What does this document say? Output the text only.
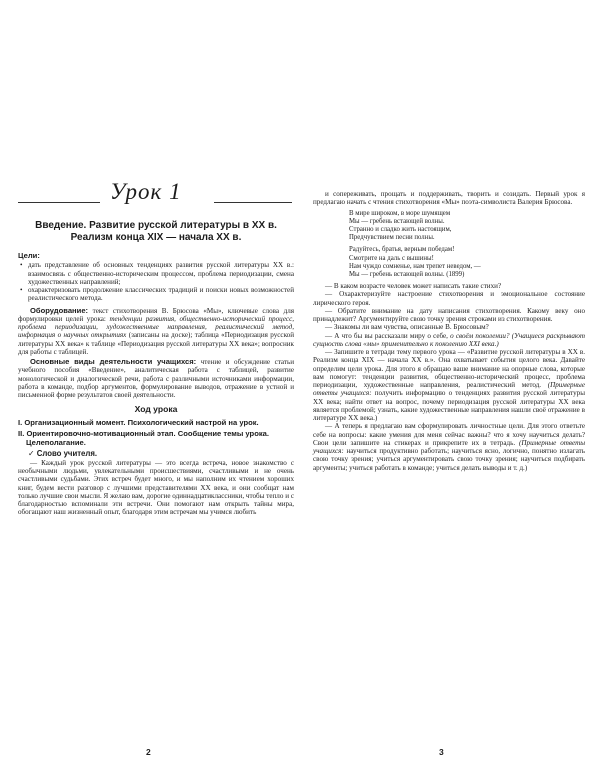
Урок 1
Введение. Развитие русской литературы в XX в.
Реализм конца XIX — начала XX в.
Цели:
• дать представление об основных тенденциях развития русской литературы XX в.: взаимосвязь с общественно-историческим процессом, проблема периодизации, смена художественных направлений;
• охарактеризовать продолжение классических традиций и поиски новых возможностей реалистического метода.

Оборудование: текст стихотворения В. Брюсова «Мы», ключевые слова для формулировки целей урока: тенденции развития, общественно-исторический процесс, проблема периодизации, художественные направления, реалистический метод, информация о научных открытиях (записаны на доске); таблица «Периодизация русской литературы XX века» к таблице «Периодизация русской литературы XX века»; вопросник для работы с таблицей.

Основные виды деятельности учащихся: чтение и обсуждение статьи учебного пособия «Введение», аналитическая работа с таблицей, развитие монологической и диалогической речи, работа с различными источниками информации, работа в команде, подбор аргументов, формулирование выводов, отражение в устной и письменной форме результатов своей деятельности.

Ход урока
I. Организационный момент. Психологический настрой на урок.
II. Ориентировочно-мотивационный этап. Сообщение темы урока.
Целеполагание.
✓ Слово учителя.

— Каждый урок русской литературы — это всегда встреча, новое знакомство с необычными людьми, увлекательными происшествиями, счастливыми и не очень счастливыми судьбами. Этих встреч будет много, и мы наполним их чтением хороших книг, будем вести разговор с лучшими представителями XX века, и они сообщат нам только лучшие свои мысли. Я желаю вам, дорогие одиннадцатиклассники, чтобы тепло и с благодарностью вспоминали эти встречи. Они помогают нам открыть тайны мира, обогащают наш жизненный опыт, благодаря этим встречам мы учимся любить

2

и сопереживать, прощать и поддерживать, творить и созидать. Первый урок я предлагаю начать с чтения стихотворения «Мы» поэта-символиста Валерия Брюсова.

В мире широком, в море шумящем
Мы — гребень встающей волны.
Странно и сладко жить настоящим,
Предчувствием песни полны.
Радуйтесь, братья, верным победам!
Смотрите на даль с вышины!
Нам чуждо сомненье, нам трепет неведом, —
Мы — гребень встающей волны. (1899)

— В каком возрасте человек может написать такие стихи?

— Охарактеризуйте настроение стихотворения и эмоциональное состояние лирического героя.

— Обратите внимание на дату написания стихотворения. Какому веку оно принадлежит? Аргументируйте свою точку зрения строками из стихотворения.

— Знакомы ли вам чувства, описанные В. Брюсовым?

— А что бы вы рассказали миру о себе, о своём поколении? (Учащиеся раскрывают сущность слова «мы» применительно к поколению XXI века.)

— Запишите в тетради тему первого урока — «Развитие русской литературы в XX в. Реализм конца XIX — начала XX в.». Она охватывает события целого века. Давайте определим цели урока. Для этого я обращаю ваше внимание на опорные слова, которые вам помогут: тенденции развития, общественно-исторический процесс, проблема периодизации, художественные направления, реалистический метод. (Примерные ответы учащихся: получить информацию о тенденциях развития русской литературы XX века; найти ответ на вопрос, почему периодизация русской литературы XX века является проблемой; узнать, какие художественные направления нашли своё отражение в литературе XX века.)

— А теперь я предлагаю вам сформулировать личностные цели. Для этого ответьте себе на вопросы: какие умения для меня сейчас важны? что я хочу научиться делать? Свои цели запишите на стикерах и прикрепите их в тетрадь. (Примерные ответы учащихся: научиться продуктивно работать; научиться ясно, логично, понятно излагать свою точку зрения; учиться аргументировать свою точку зрения; научиться подбирать аргументы; учиться работать в команде; учиться делать выводы и т. д.)

3
